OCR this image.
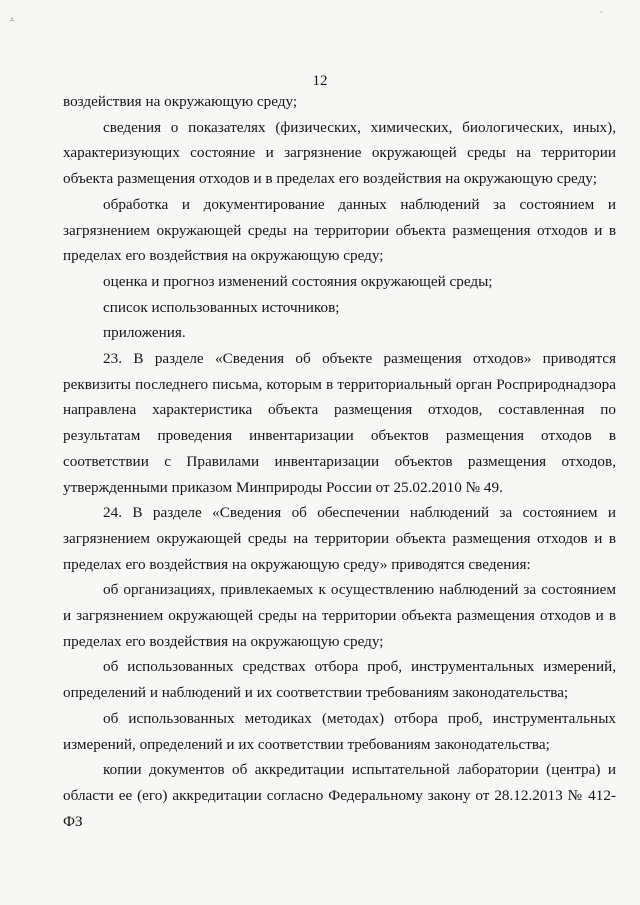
12
▵	˘

воздействия на окружающую среду;

сведения о показателях (физических, химических, биологических, иных), характеризующих состояние и загрязнение окружающей среды на территории объекта размещения отходов и в пределах его воздействия на окружающую среду;

обработка и документирование данных наблюдений за состоянием и загрязнением окружающей среды на территории объекта размещения отходов и в пределах его воздействия на окружающую среду;

оценка и прогноз изменений состояния окружающей среды;

список использованных источников;

приложения.

23. В разделе «Сведения об объекте размещения отходов» приводятся реквизиты последнего письма, которым в территориальный орган Росприроднадзора направлена характеристика объекта размещения отходов, составленная по результатам проведения инвентаризации объектов размещения отходов в соответствии с Правилами инвентаризации объектов размещения отходов, утвержденными приказом Минприроды России от 25.02.2010 № 49.

24. В разделе «Сведения об обеспечении наблюдений за состоянием и загрязнением окружающей среды на территории объекта размещения отходов и в пределах его воздействия на окружающую среду» приводятся сведения:

об организациях, привлекаемых к осуществлению наблюдений за состоянием и загрязнением окружающей среды на территории объекта размещения отходов и в пределах его воздействия на окружающую среду;

об использованных средствах отбора проб, инструментальных измерений, определений и наблюдений и их соответствии требованиям законодательства;

об использованных методиках (методах) отбора проб, инструментальных измерений, определений и их соответствии требованиям законодательства;

копии документов об аккредитации испытательной лаборатории (центра) и области ее (его) аккредитации согласно Федеральному закону от 28.12.2013 № 412-ФЗ
